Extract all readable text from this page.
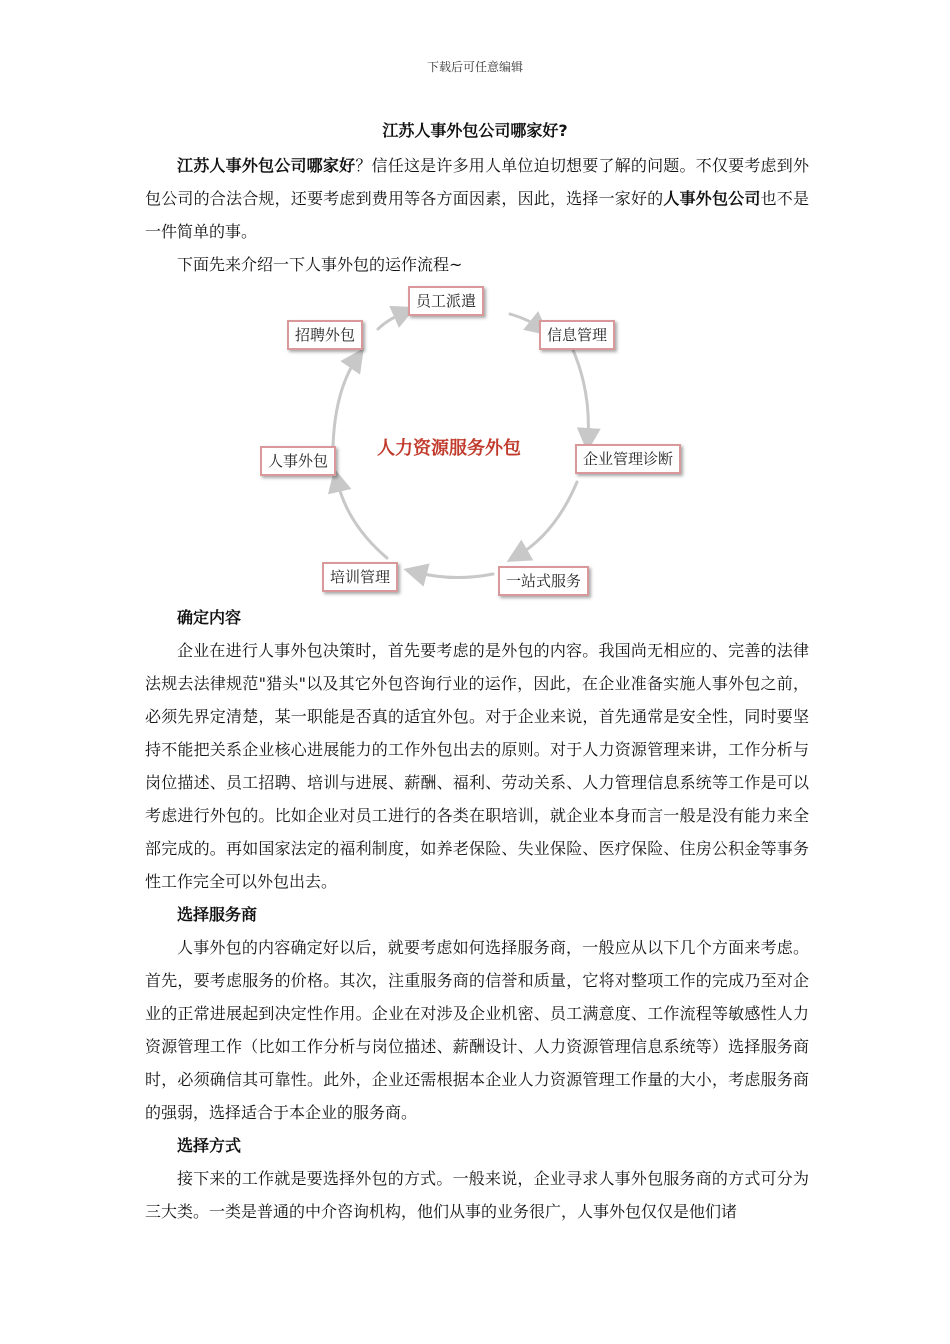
下载后可任意编辑
江苏人事外包公司哪家好?

江苏人事外包公司哪家好？信任这是许多用人单位迫切想要了解的问题。不仅要考虑到外包公司的合法合规，还要考虑到费用等各方面因素，因此，选择一家好的人事外包公司也不是一件简单的事。

下面先来介绍一下人事外包的运作流程~

人力资源服务外包
员工派遣
信息管理
企业管理诊断
一站式服务
培训管理
人事外包
招聘外包

确定内容

企业在进行人事外包决策时，首先要考虑的是外包的内容。我国尚无相应的、完善的法律法规去法律规范"猎头"以及其它外包咨询行业的运作，因此，在企业准备实施人事外包之前，必须先界定清楚，某一职能是否真的适宜外包。对于企业来说，首先通常是安全性，同时要坚持不能把关系企业核心进展能力的工作外包出去的原则。对于人力资源管理来讲，工作分析与岗位描述、员工招聘、培训与进展、薪酬、福利、劳动关系、人力管理信息系统等工作是可以考虑进行外包的。比如企业对员工进行的各类在职培训，就企业本身而言一般是没有能力来全部完成的。再如国家法定的福利制度，如养老保险、失业保险、医疗保险、住房公积金等事务性工作完全可以外包出去。

选择服务商

人事外包的内容确定好以后，就要考虑如何选择服务商，一般应从以下几个方面来考虑。首先，要考虑服务的价格。其次，注重服务商的信誉和质量，它将对整项工作的完成乃至对企业的正常进展起到决定性作用。企业在对涉及企业机密、员工满意度、工作流程等敏感性人力资源管理工作（比如工作分析与岗位描述、薪酬设计、人力资源管理信息系统等）选择服务商时，必须确信其可靠性。此外，企业还需根据本企业人力资源管理工作量的大小，考虑服务商的强弱，选择适合于本企业的服务商。

选择方式

接下来的工作就是要选择外包的方式。一般来说，企业寻求人事外包服务商的方式可分为三大类。一类是普通的中介咨询机构，他们从事的业务很广，人事外包仅仅是他们诸
